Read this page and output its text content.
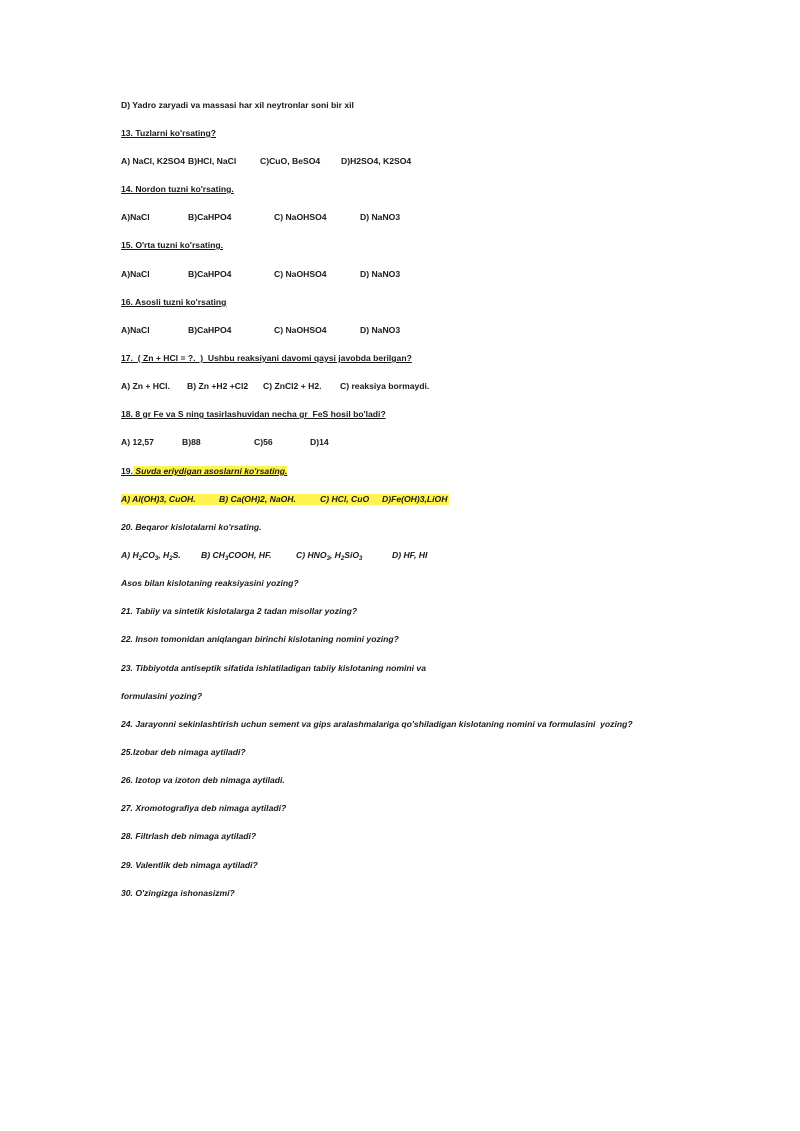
D) Yadro zaryadi va massasi har xil neytronlar soni bir xil
13. Tuzlarni ko'rsating?
A) NaCl, K2SO4 B)HCl, NaCl	C)CuO, BeSO4 D)H2SO4, K2SO4
14. Nordon tuzni ko'rsating.
A)NaCl	B)CaHPO4	C) NaOHSO4	D) NaNO3
15. O'rta tuzni ko'rsating.
A)NaCl	B)CaHPO4	C) NaOHSO4	D) NaNO3
16. Asosli tuzni ko'rsating
A)NaCl	B)CaHPO4	C) NaOHSO4	D) NaNO3
17.  ( Zn + HCl = ?.  )  Ushbu reaksiyani davomi qaysi javobda berilgan?
A) Zn + HCl. B) Zn +H2 +Cl2 C) ZnCl2 + H2. C) reaksiya bormaydi.
18. 8 gr Fe va S ning tasirlashuvidan necha gr  FeS hosil bo'ladi?
A) 12,57	B)88	C)56	D)14
19. Suvda eriydigan asoslarni ko'rsating.
A) Al(OH)3, CuOH.	B) Ca(OH)2, NaOH.	C) HCl, CuO D)Fe(OH)3,LiOH
20. Beqaror kislotalarni ko'rsating.
A) $H_2CO_3$, $H_2S$. B) $CH_3COOH$, HF.	C) $HNO_3$, $H_2SiO_3$	D) HF, HI
Asos bilan kislotaning reaksiyasini yozing?
21. Tabiiy va sintetik kislotalarga 2 tadan misollar yozing?
22. Inson tomonidan aniqlangan birinchi kislotaning nomini yozing?
23. Tibbiyotda antiseptik sifatida ishlatiladigan tabiiy kislotaning nomini va
formulasini yozing?
24. Jarayonni sekinlashtirish uchun sement va gips aralashmalariga qo'shiladigan kislotaning nomini va formulasini  yozing?
25.Izobar deb nimaga aytiladi?
26. Izotop va izoton deb nimaga aytiladi.
27. Xromotografiya deb nimaga aytiladi?
28. Filtrlash deb nimaga aytiladi?
29. Valentlik deb nimaga aytiladi?
30. O'zingizga ishonasizmi?
